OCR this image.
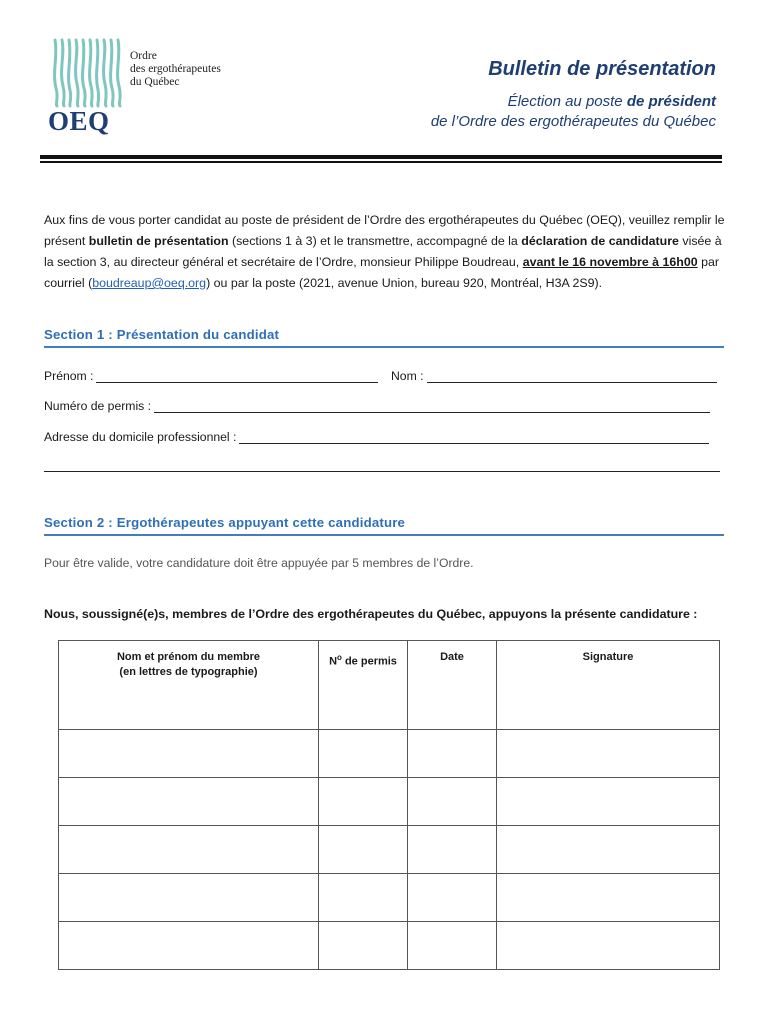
Ordre
des ergothérapeutes
du Québec
OEQ

Bulletin de présentation

Élection au poste de président
de l’Ordre des ergothérapeutes du Québec

Aux fins de vous porter candidat au poste de président de l’Ordre des ergothérapeutes du Québec (OEQ), veuillez remplir le présent bulletin de présentation (sections 1 à 3) et le transmettre, accompagné de la déclaration de candidature visée à la section 3, au directeur général et secrétaire de l’Ordre, monsieur Philippe Boudreau, avant le 16 novembre à 16h00 par courriel (boudreaup@oeq.org) ou par la poste (2021, avenue Union, bureau 920, Montréal, H3A 2S9).
Section 1 : Présentation du candidat
Prénom :	Nom :
Numéro de permis :
Adresse du domicile professionnel :
Section 2 : Ergothérapeutes appuyant cette candidature
Pour être valide, votre candidature doit être appuyée par 5 membres de l’Ordre.
Nous, soussigné(e)s, membres de l’Ordre des ergothérapeutes du Québec, appuyons la présente candidature :
Nom et prénom du membre
(en lettres de typographie)	$N^o$ de permis	Date	Signature
